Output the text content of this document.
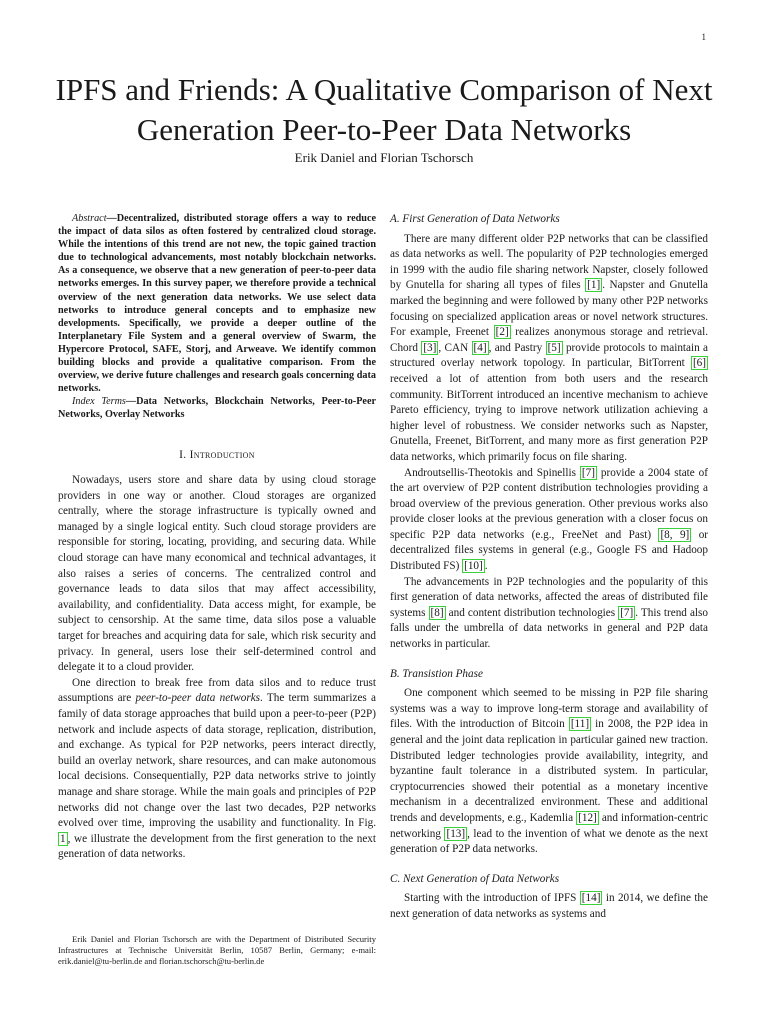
1
IPFS and Friends: A Qualitative Comparison of Next Generation Peer-to-Peer Data Networks
Erik Daniel and Florian Tschorsch

Abstract—Decentralized, distributed storage offers a way to reduce the impact of data silos as often fostered by centralized cloud storage. While the intentions of this trend are not new, the topic gained traction due to technological advancements, most notably blockchain networks. As a consequence, we observe that a new generation of peer-to-peer data networks emerges. In this survey paper, we therefore provide a technical overview of the next generation data networks. We use select data networks to introduce general concepts and to emphasize new developments. Specifically, we provide a deeper outline of the Interplanetary File System and a general overview of Swarm, the Hypercore Protocol, SAFE, Storj, and Arweave. We identify common building blocks and provide a qualitative comparison. From the overview, we derive future challenges and research goals concerning data networks.

Index Terms—Data Networks, Blockchain Networks, Peer-to-Peer Networks, Overlay Networks

I. Introduction

Nowadays, users store and share data by using cloud storage providers in one way or another. Cloud storages are organized centrally, where the storage infrastructure is typically owned and managed by a single logical entity. Such cloud storage providers are responsible for storing, locating, providing, and securing data. While cloud storage can have many economical and technical advantages, it also raises a series of concerns. The centralized control and governance leads to data silos that may affect accessibility, availability, and confidentiality. Data access might, for example, be subject to censorship. At the same time, data silos pose a valuable target for breaches and acquiring data for sale, which risk security and privacy. In general, users lose their self-determined control and delegate it to a cloud provider.

One direction to break free from data silos and to reduce trust assumptions are peer-to-peer data networks. The term summarizes a family of data storage approaches that build upon a peer-to-peer (P2P) network and include aspects of data storage, replication, distribution, and exchange. As typical for P2P networks, peers interact directly, build an overlay network, share resources, and can make autonomous local decisions. Consequentially, P2P data networks strive to jointly manage and share storage. While the main goals and principles of P2P networks did not change over the last two decades, P2P networks evolved over time, improving the usability and functionality. In Fig. 1 , we illustrate the development from the first generation to the next generation of data networks.

Erik Daniel and Florian Tschorsch are with the Department of Distributed Security Infrastructures at Technische Universität Berlin, 10587 Berlin, Germany; e-mail: erik.daniel@tu-berlin.de and florian.tschorsch@tu-berlin.de
A. First Generation of Data Networks

There are many different older P2P networks that can be classified as data networks as well. The popularity of P2P technologies emerged in 1999 with the audio file sharing network Napster, closely followed by Gnutella for sharing all types of files [1] . Napster and Gnutella marked the beginning and were followed by many other P2P networks focusing on specialized application areas or novel network structures. For example, Freenet [2] realizes anonymous storage and retrieval. Chord [3] , CAN [4] , and Pastry [5] provide protocols to maintain a structured overlay network topology. In particular, BitTorrent [6] received a lot of attention from both users and the research community. BitTorrent introduced an incentive mechanism to achieve Pareto efficiency, trying to improve network utilization achieving a higher level of robustness. We consider networks such as Napster, Gnutella, Freenet, BitTorrent, and many more as first generation P2P data networks, which primarily focus on file sharing.

Androutsellis-Theotokis and Spinellis [7] provide a 2004 state of the art overview of P2P content distribution technologies providing a broad overview of the previous generation. Other previous works also provide closer looks at the previous generation with a closer focus on specific P2P data networks (e.g., FreeNet and Past) [8, 9] or decentralized files systems in general (e.g., Google FS and Hadoop Distributed FS) [10] .

The advancements in P2P technologies and the popularity of this first generation of data networks, affected the areas of distributed file systems [8] and content distribution technologies [7] . This trend also falls under the umbrella of data networks in general and P2P data networks in particular.

B. Transistion Phase

One component which seemed to be missing in P2P file sharing systems was a way to improve long-term storage and availability of files. With the introduction of Bitcoin [11] in 2008, the P2P idea in general and the joint data replication in particular gained new traction. Distributed ledger technologies provide availability, integrity, and byzantine fault tolerance in a distributed system. In particular, cryptocurrencies showed their potential as a monetary incentive mechanism in a decentralized environment. These and additional trends and developments, e.g., Kademlia [12] and information-centric networking [13] , lead to the invention of what we denote as the next generation of P2P data networks.

C. Next Generation of Data Networks

Starting with the introduction of IPFS [14] in 2014, we define the next generation of data networks as systems and
